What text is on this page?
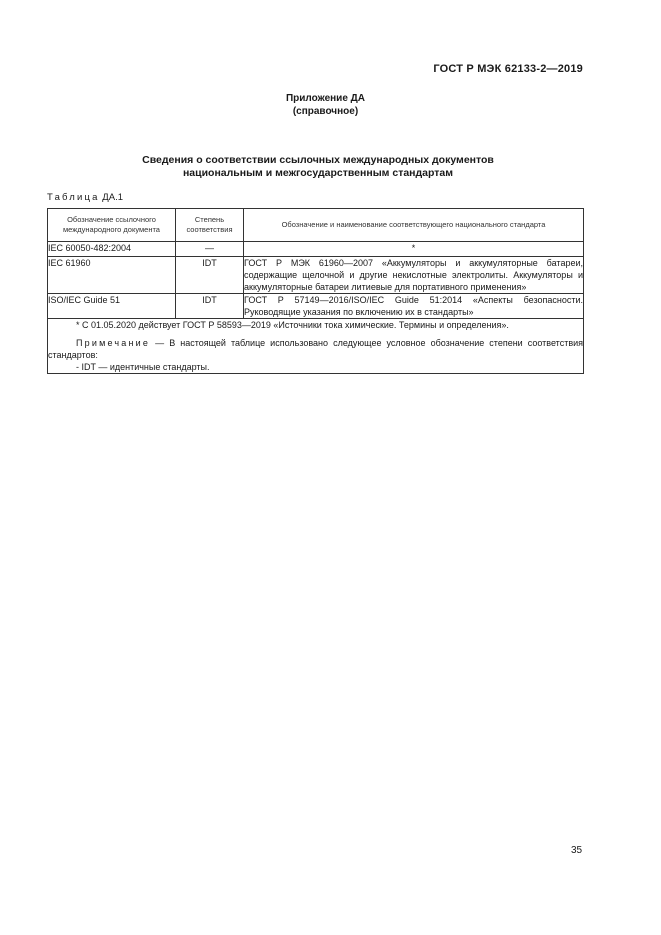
ГОСТ Р МЭК 62133-2—2019
Приложение ДА
(справочное)
Сведения о соответствии ссылочных международных документов
национальным и межгосударственным стандартам
Таблица ДА.1
Обозначение ссылочного международного документа	Степень соответствия	Обозначение и наименование соответствующего национального стандарта
IEC 60050-482:2004	—	*
IEC 61960	IDT	ГОСТ Р МЭК 61960—2007 «Аккумуляторы и аккумуляторные батареи, содержащие щелочной и другие некислотные электролиты. Аккумуляторы и аккумуляторные батареи литиевые для портативного применения»
ISO/IEC Guide 51	IDT	ГОСТ Р 57149—2016/ISO/IEC Guide 51:2014 «Аспекты безопасности. Руководящие указания по включению их в стандарты»

* С 01.05.2020 действует ГОСТ Р 58593—2019 «Источники тока химические. Термины и определения».
Примечание — В настоящей таблице использовано следующее условное обозначение степени соответствия стандартов:
- IDT — идентичные стандарты.		
35
